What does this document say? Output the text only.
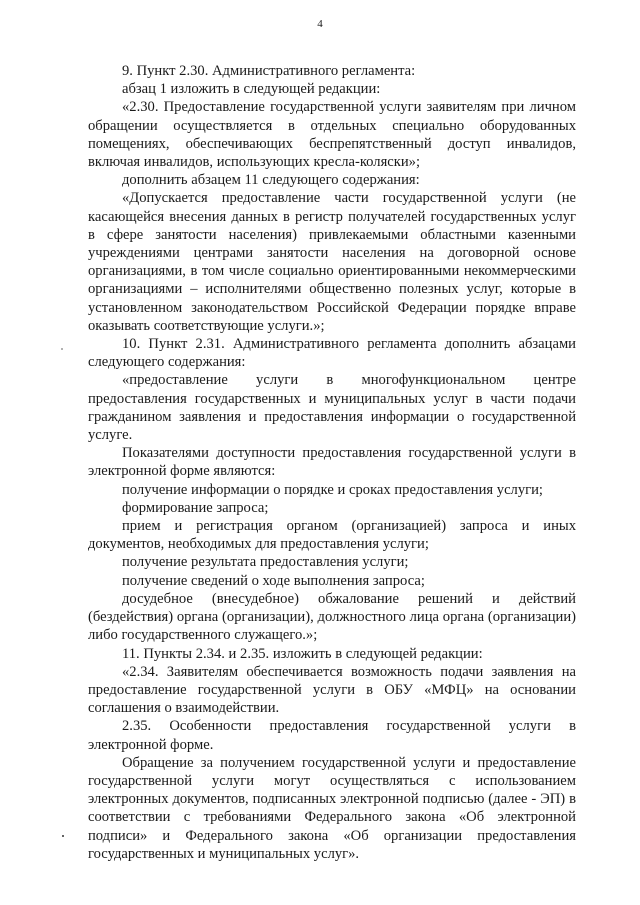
4

9. Пункт 2.30. Административного регламента:

абзац 1 изложить в следующей редакции:

«2.30. Предоставление государственной услуги заявителям при личном обращении осуществляется в отдельных специально оборудованных помещениях, обеспечивающих беспрепятственный доступ инвалидов, включая инвалидов, использующих кресла-коляски»;

дополнить абзацем 11 следующего содержания:

«Допускается предоставление части государственной услуги (не касающейся внесения данных в регистр получателей государственных услуг в сфере занятости населения) привлекаемыми областными казенными учреждениями центрами занятости населения на договорной основе организациями, в том числе социально ориентированными некоммерческими организациями – исполнителями общественно полезных услуг, которые в установленном законодательством Российской Федерации порядке вправе оказывать соответствующие услуги.»;

10. Пункт 2.31. Административного регламента дополнить абзацами следующего содержания:

«предоставление услуги в многофункциональном центре предоставления государственных и муниципальных услуг в части подачи гражданином заявления и предоставления информации о государственной услуге.

Показателями доступности предоставления государственной услуги в электронной форме являются:

получение информации о порядке и сроках предоставления услуги;

формирование запроса;

прием и регистрация органом (организацией) запроса и иных документов, необходимых для предоставления услуги;

получение результата предоставления услуги;

получение сведений о ходе выполнения запроса;

досудебное (внесудебное) обжалование решений и действий (бездействия) органа (организации), должностного лица органа (организации) либо государственного служащего.»;

11. Пункты 2.34. и 2.35. изложить в следующей редакции:

«2.34. Заявителям обеспечивается возможность подачи заявления на предоставление государственной услуги в ОБУ «МФЦ» на основании соглашения о взаимодействии.

2.35. Особенности предоставления государственной услуги в электронной форме.

Обращение за получением государственной услуги и предоставление государственной услуги могут осуществляться с использованием электронных документов, подписанных электронной подписью (далее - ЭП) в соответствии с требованиями Федерального закона «Об электронной подписи» и Федерального закона «Об организации предоставления государственных и муниципальных услуг».
